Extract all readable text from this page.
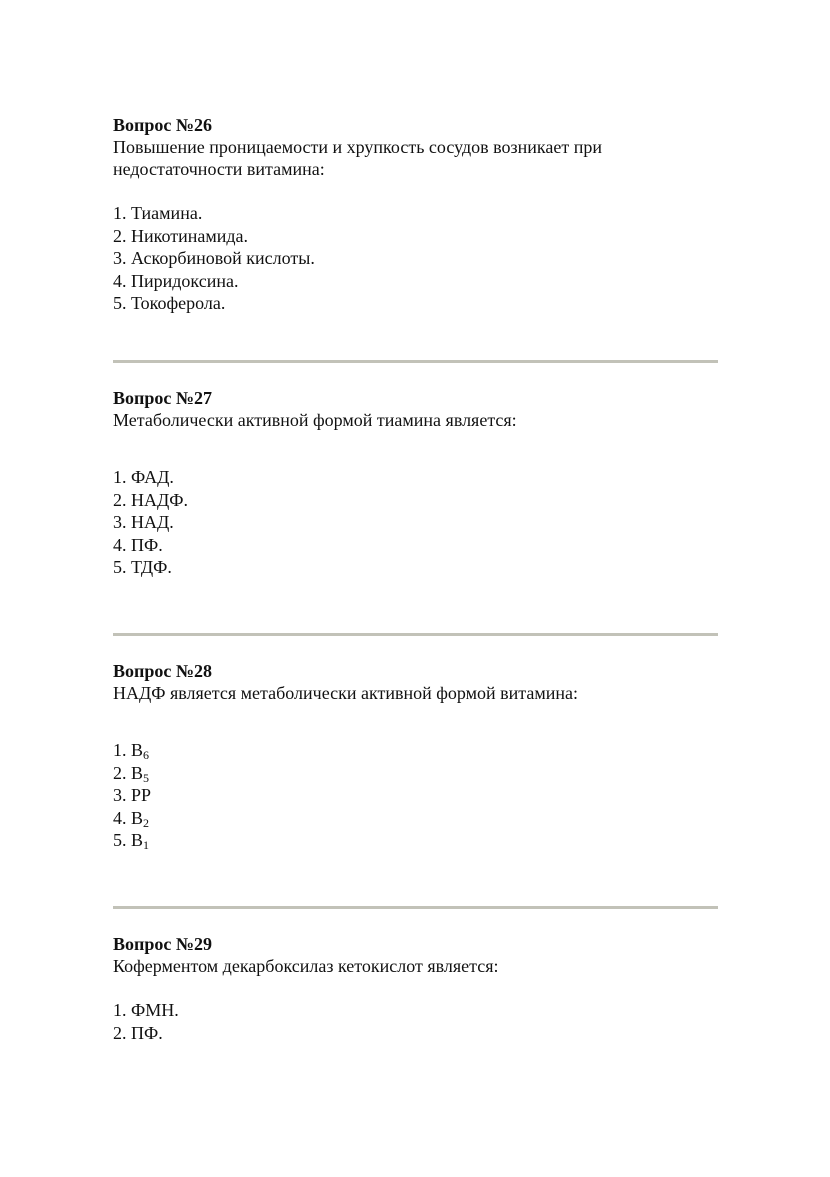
Вопрос №26

Повышение проницаемости и хрупкость сосудов возникает при недостаточности витамина:

1. Тиамина.
2. Никотинамида.
3. Аскорбиновой кислоты.
4. Пиридоксина.
5. Токоферола.

Вопрос №27

Метаболически активной формой тиамина является:

1. ФАД.
2. НАДФ.
3. НАД.
4. ПФ.
5. ТДФ.

Вопрос №28

НАДФ является метаболически активной формой витамина:

1. $B_6$
2. $B_5$
3. PP
4. $B_2$
5. $B_1$

Вопрос №29

Коферментом декарбоксилаз кетокислот является:

1. ФМН.
2. ПФ.
